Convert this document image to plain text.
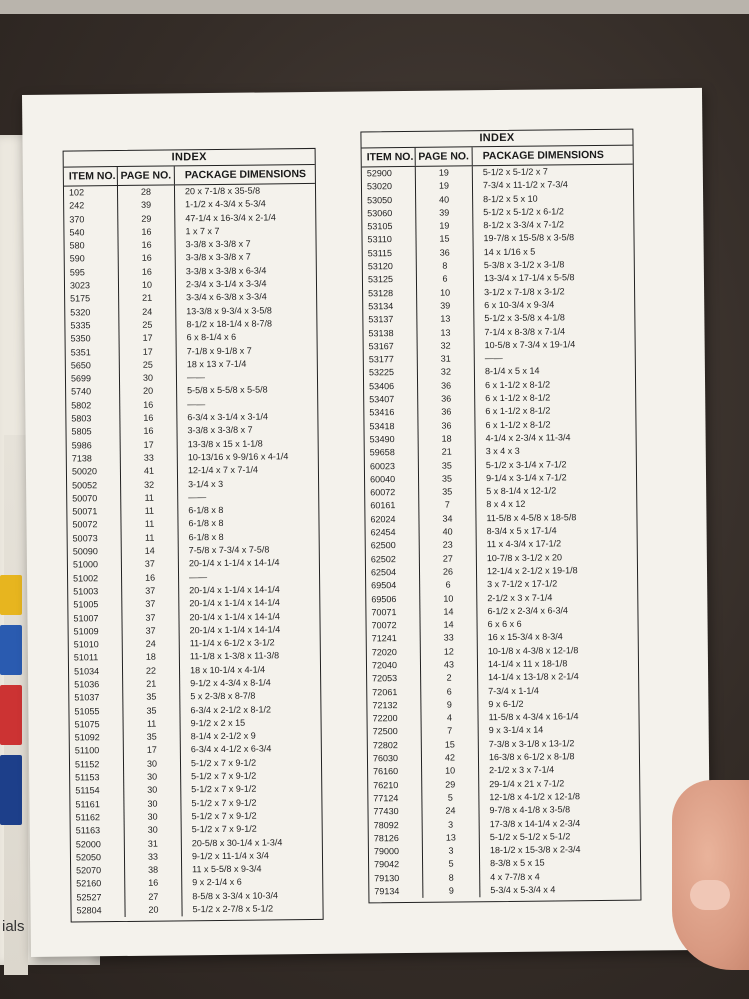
ials
INDEX
ITEM NO. PAGE NO.	PACKAGE DIMENSIONS
102
242
370
540
580
590
595
3023
5175
5320
5335
5350
5351
5650
5699
5740
5802
5803
5805
5986
7138
50020
50052
50070
50071
50072
50073
50090
51000
51002
51003
51005
51007
51009
51010
51011
51034
51036
51037
51055
51075
51092
51100
51152
51153
51154
51161
51162
51163
52000
52050
52070
52160
52527
52804
28
39
29
16
16
16
16
10
21
24
25
17
17
25
30
20
16
16
16
17
33
41
32
11
11
11
11
14
37
16
37
37
37
37
24
18
22
21
35
35
11
35
17
30
30
30
30
30
30
31
33
38
16
27
20
20 x 7-1/8 x 35-5/8
1-1/2 x 4-3/4 x 5-3/4
47-1/4 x 16-3/4 x 2-1/4
1 x 7 x 7
3-3/8 x 3-3/8 x 7
3-3/8 x 3-3/8 x 7
3-3/8 x 3-3/8 x 6-3/4
2-3/4 x 3-1/4 x 3-3/4
3-3/4 x 6-3/8 x 3-3/4
13-3/8 x 9-3/4 x 3-5/8
8-1/2 x 18-1/4 x 8-7/8
6 x 8-1/4 x 6
7-1/8 x 9-1/8 x 7
18 x 13 x 7-1/4
——
5-5/8 x 5-5/8 x 5-5/8
——
6-3/4 x 3-1/4 x 3-1/4
3-3/8 x 3-3/8 x 7
13-3/8 x 15 x 1-1/8
10-13/16 x 9-9/16 x 4-1/4
12-1/4 x 7 x 7-1/4
3-1/4 x 3
——
6-1/8 x 8
6-1/8 x 8
6-1/8 x 8
7-5/8 x 7-3/4 x 7-5/8
20-1/4 x 1-1/4 x 14-1/4
——
20-1/4 x 1-1/4 x 14-1/4
20-1/4 x 1-1/4 x 14-1/4
20-1/4 x 1-1/4 x 14-1/4
20-1/4 x 1-1/4 x 14-1/4
11-1/4 x 6-1/2 x 3-1/2
11-1/8 x 1-3/8 x 11-3/8
18 x 10-1/4 x 4-1/4
9-1/2 x 4-3/4 x 8-1/4
5 x 2-3/8 x 8-7/8
6-3/4 x 2-1/2 x 8-1/2
9-1/2 x 2 x 15
8-1/4 x 2-1/2 x 9
6-3/4 x 4-1/2 x 6-3/4
5-1/2 x 7 x 9-1/2
5-1/2 x 7 x 9-1/2
5-1/2 x 7 x 9-1/2
5-1/2 x 7 x 9-1/2
5-1/2 x 7 x 9-1/2
5-1/2 x 7 x 9-1/2
20-5/8 x 30-1/4 x 1-3/4
9-1/2 x 11-1/4 x 3/4
11 x 5-5/8 x 9-3/4
9 x 2-1/4 x 6
8-5/8 x 3-3/4 x 10-3/4
5-1/2 x 2-7/8 x 5-1/2
INDEX
ITEM NO. PAGE NO.	PACKAGE DIMENSIONS
52900
53020
53050
53060
53105
53110
53115
53120
53125
53128
53134
53137
53138
53167
53177
53225
53406
53407
53416
53418
53490
59658
60023
60040
60072
60161
62024
62454
62500
62502
62504
69504
69506
70071
70072
71241
72020
72040
72053
72061
72132
72200
72500
72802
76030
76160
76210
77124
77430
78092
78126
79000
79042
79130
79134
19
19
40
39
19
15
36
8
6
10
39
13
13
32
31
32
36
36
36
36
18
21
35
35
35
7
34
40
23
27
26
6
10
14
14
33
12
43
2
6
9
4
7
15
42
10
29
5
24
3
13
3
5
8
9
5-1/2 x 5-1/2 x 7
7-3/4 x 11-1/2 x 7-3/4
8-1/2 x 5 x 10
5-1/2 x 5-1/2 x 6-1/2
8-1/2 x 3-3/4 x 7-1/2
19-7/8 x 15-5/8 x 3-5/8
14 x 1/16 x 5
5-3/8 x 3-1/2 x 3-1/8
13-3/4 x 17-1/4 x 5-5/8
3-1/2 x 7-1/8 x 3-1/2
6 x 10-3/4 x 9-3/4
5-1/2 x 3-5/8 x 4-1/8
7-1/4 x 8-3/8 x 7-1/4
10-5/8 x 7-3/4 x 19-1/4
——
8-1/4 x 5 x 14
6 x 1-1/2 x 8-1/2
6 x 1-1/2 x 8-1/2
6 x 1-1/2 x 8-1/2
6 x 1-1/2 x 8-1/2
4-1/4 x 2-3/4 x 11-3/4
3 x 4 x 3
5-1/2 x 3-1/4 x 7-1/2
9-1/4 x 3-1/4 x 7-1/2
5 x 8-1/4 x 12-1/2
8 x 4 x 12
11-5/8 x 4-5/8 x 18-5/8
8-3/4 x 5 x 17-1/4
11 x 4-3/4 x 17-1/2
10-7/8 x 3-1/2 x 20
12-1/4 x 2-1/2 x 19-1/8
3 x 7-1/2 x 17-1/2
2-1/2 x 3 x 7-1/4
6-1/2 x 2-3/4 x 6-3/4
6 x 6 x 6
16 x 15-3/4 x 8-3/4
10-1/8 x 4-3/8 x 12-1/8
14-1/4 x 11 x 18-1/8
14-1/4 x 13-1/8 x 2-1/4
7-3/4 x 1-1/4
9 x 6-1/2
11-5/8 x 4-3/4 x 16-1/4
9 x 3-1/4 x 14
7-3/8 x 3-1/8 x 13-1/2
16-3/8 x 6-1/2 x 8-1/8
2-1/2 x 3 x 7-1/4
29-1/4 x 21 x 7-1/2
12-1/8 x 4-1/2 x 12-1/8
9-7/8 x 4-1/8 x 3-5/8
17-3/8 x 14-1/4 x 2-3/4
5-1/2 x 5-1/2 x 5-1/2
18-1/2 x 15-3/8 x 2-3/4
8-3/8 x 5 x 15
4 x 7-7/8 x 4
5-3/4 x 5-3/4 x 4
